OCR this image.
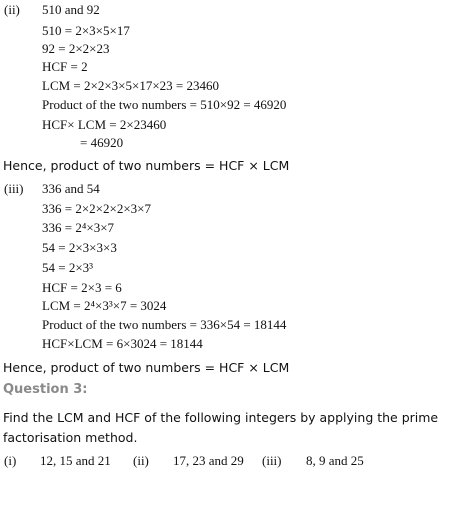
(ii) 510 and 92
510 = 2×3×5×17
92 = 2×2×23
HCF = 2
LCM = 2×2×3×5×17×23 = 23460
Product of the two numbers = 510×92 = 46920
HCF× LCM = 2×23460
= 46920
Hence, product of two numbers = HCF × LCM
(iii) 336 and 54
336 = 2×2×2×2×3×7
336 = 2⁴×3×7
54 = 2×3×3×3
54 = 2×3³
HCF = 2×3 = 6
LCM = 2⁴×3³×7 = 3024
Product of the two numbers = 336×54 = 18144
HCF×LCM = 6×3024 = 18144
Hence, product of two numbers = HCF × LCM
Question 3:
Find the LCM and HCF of the following integers by applying the prime
factorisation method.
(i) 12, 15 and 21 (ii) 17, 23 and 29 (iii) 8, 9 and 25
